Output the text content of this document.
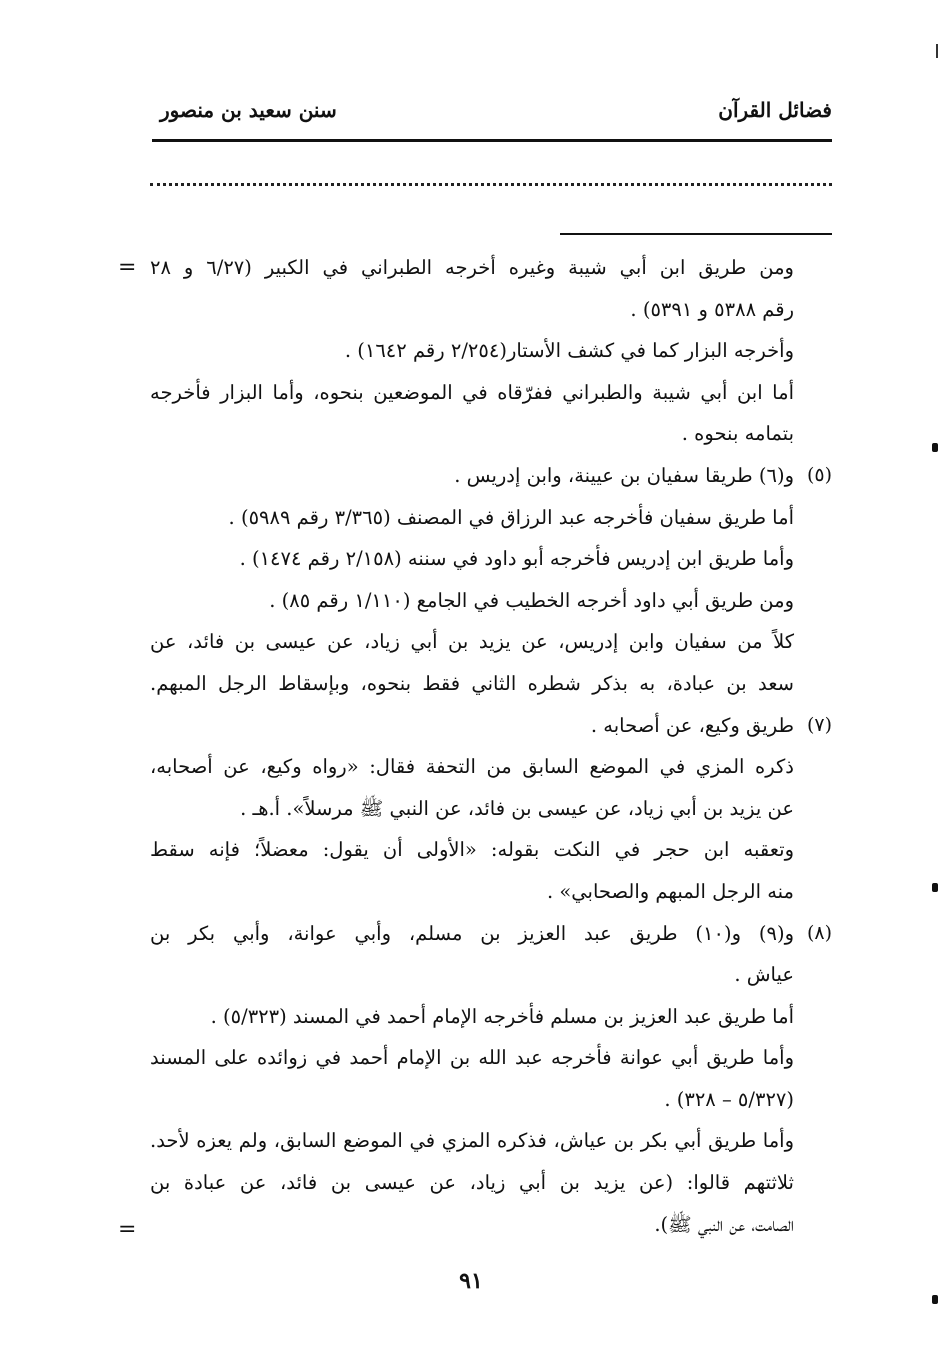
فضائل القرآن
سنن سعيد بن منصور
=
=
ومن طريق ابن أبي شيبة وغيره أخرجه الطبراني في الكبير (٦/٢٧ و ٢٨
رقم ٥٣٨٨ و ٥٣٩١) .
وأخرجه البزار كما في كشف الأستار(٢/٢٥٤ رقم ١٦٤٢) .
أما ابن أبي شيبة والطبراني ففرّقاه في الموضعين بنحوه، وأما البزار فأخرجه
بتمامه بنحوه .
(٥)
و(٦) طريقا سفيان بن عيينة، وابن إدريس .
أما طريق سفيان فأخرجه عبد الرزاق في المصنف (٣/٣٦٥ رقم ٥٩٨٩) .
وأما طريق ابن إدريس فأخرجه أبو داود في سننه (٢/١٥٨ رقم ١٤٧٤) .
ومن طريق أبي داود أخرجه الخطيب في الجامع (١/١١٠ رقم ٨٥) .
كلاً من سفيان وابن إدريس، عن يزيد بن أبي زياد، عن عيسى بن فائد، عن
سعد بن عبادة، به بذكر شطره الثاني فقط بنحوه، وبإسقاط الرجل المبهم.
(٧)
طريق وكيع، عن أصحابه .
ذكره المزي في الموضع السابق من التحفة فقال: «رواه وكيع، عن أصحابه،
عن يزيد بن أبي زياد، عن عيسى بن فائد، عن النبي ﷺ مرسلاً». أ.هـ .
وتعقبه ابن حجر في النكت بقوله: «الأولى أن يقول: معضلاً؛ فإنه سقط
منه الرجل المبهم والصحابي» .
(٨)
و(٩) و(١٠) طريق عبد العزيز بن مسلم، وأبي عوانة، وأبي بكر بن
عياش .
أما طريق عبد العزيز بن مسلم فأخرجه الإمام أحمد في المسند (٥/٣٢٣) .
وأما طريق أبي عوانة فأخرجه عبد الله بن الإمام أحمد في زوائده على المسند
(٥/٣٢٧ – ٣٢٨) .
وأما طريق أبي بكر بن عياش، فذكره المزي في الموضع السابق، ولم يعزه لأحد.
ثلاثتهم قالوا: (عن يزيد بن أبي زياد، عن عيسى بن فائد، عن عبادة بن
الصامت، عن النبي ﷺ).
٩١
